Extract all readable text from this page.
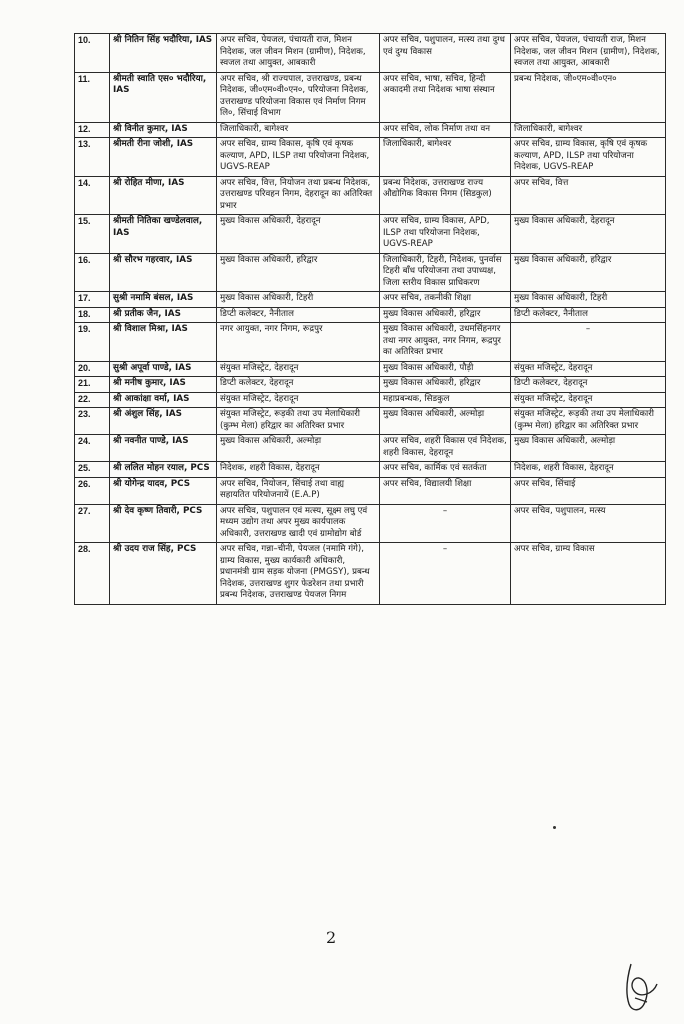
10.	श्री नितिन सिंह भदौरिया, IAS	अपर सचिव, पेयजल, पंचायती राज, मिशन निदेशक, जल जीवन मिशन (ग्रामीण), निदेशक, स्वजल तथा आयुक्त, आबकारी	अपर सचिव, पशुपालन, मत्स्य तथा दुग्ध एवं दुग्ध विकास	अपर सचिव, पेयजल, पंचायती राज, मिशन निदेशक, जल जीवन मिशन (ग्रामीण), निदेशक, स्वजल तथा आयुक्त, आबकारी
11.	श्रीमती स्वाति एस० भदौरिया, IAS	अपर सचिव, श्री राज्यपाल, उत्तराखण्ड, प्रबन्ध निदेशक, जी०एम०वी०एन०, परियोजना निदेशक, उत्तराखण्ड परियोजना विकास एवं निर्माण निगम लि०, सिंचाई विभाग	अपर सचिव, भाषा, सचिव, हिन्दी अकादमी तथा निदेशक भाषा संस्थान	प्रबन्ध निदेशक, जी०एम०वी०एन०
12.	श्री विनीत कुमार, IAS	जिलाधिकारी, बागेश्वर	अपर सचिव, लोक निर्माण तथा वन	जिलाधिकारी, बागेश्वर
13.	श्रीमती रीना जोशी, IAS	अपर सचिव, ग्राम्य विकास, कृषि एवं कृषक कल्याण, APD, ILSP तथा परियोजना निदेशक, UGVS-REAP	जिलाधिकारी, बागेश्वर	अपर सचिव, ग्राम्य विकास, कृषि एवं कृषक कल्याण, APD, ILSP तथा परियोजना निदेशक, UGVS-REAP
14.	श्री रोहित मीणा, IAS	अपर सचिव, वित्त, नियोजन तथा प्रबन्ध निदेशक, उत्तराखण्ड परिवहन निगम, देहरादून का अतिरिक्त प्रभार	प्रबन्ध निदेशक, उत्तराखण्ड राज्य औद्योगिक विकास निगम (सिडकुल)	अपर सचिव, वित्त
15.	श्रीमती नितिका खण्डेलवाल, IAS	मुख्य विकास अधिकारी, देहरादून	अपर सचिव, ग्राम्य विकास, APD, ILSP तथा परियोजना निदेशक, UGVS-REAP	मुख्य विकास अधिकारी, देहरादून
16.	श्री सौरभ गहरवार, IAS	मुख्य विकास अधिकारी, हरिद्वार	जिलाधिकारी, टिहरी, निदेशक, पुनर्वास टिहरी बाँध परियोजना तथा उपाध्यक्ष, जिला स्तरीय विकास प्राधिकरण	मुख्य विकास अधिकारी, हरिद्वार
17.	सुश्री नमामि बंसल, IAS	मुख्य विकास अधिकारी, टिहरी	अपर सचिव, तकनीकी शिक्षा	मुख्य विकास अधिकारी, टिहरी
18.	श्री प्रतीक जैन, IAS	डिप्टी कलेक्टर, नैनीताल	मुख्य विकास अधिकारी, हरिद्वार	डिप्टी कलेक्टर, नैनीताल
19.	श्री विशाल मिश्रा, IAS	नगर आयुक्त, नगर निगम, रूद्रपुर	मुख्य विकास अधिकारी, उधमसिंहनगर तथा नगर आयुक्त, नगर निगम, रूद्रपुर का अतिरिक्त प्रभार	–
20.	सुश्री अपूर्वा पाण्डे, IAS	संयुक्त मजिस्ट्रेट, देहरादून	मुख्य विकास अधिकारी, पौड़ी	संयुक्त मजिस्ट्रेट, देहरादून
21.	श्री मनीष कुमार, IAS	डिप्टी कलेक्टर, देहरादून	मुख्य विकास अधिकारी, हरिद्वार	डिप्टी कलेक्टर, देहरादून
22.	श्री आकांक्षा वर्मा, IAS	संयुक्त मजिस्ट्रेट, देहरादून	महाप्रबन्धक, सिडकुल	संयुक्त मजिस्ट्रेट, देहरादून
23.	श्री अंशुल सिंह, IAS	संयुक्त मजिस्ट्रेट, रूड़की तथा उप मेलाधिकारी (कुम्भ मेला) हरिद्वार का अतिरिक्त प्रभार	मुख्य विकास अधिकारी, अल्मोड़ा	संयुक्त मजिस्ट्रेट, रूड़की तथा उप मेलाधिकारी (कुम्भ मेला) हरिद्वार का अतिरिक्त प्रभार
24.	श्री नवनीत पाण्डे, IAS	मुख्य विकास अधिकारी, अल्मोड़ा	अपर सचिव, शहरी विकास एवं निदेशक, शहरी विकास, देहरादून	मुख्य विकास अधिकारी, अल्मोड़ा
25.	श्री ललित मोहन रयाल, PCS	निदेशक, शहरी विकास, देहरादून	अपर सचिव, कार्मिक एवं सतर्कता	निदेशक, शहरी विकास, देहरादून
26.	श्री योगेन्द्र यादव, PCS	अपर सचिव, नियोजन, सिंचाई तथा वाह्य सहायतित परियोजनायें (E.A.P)	अपर सचिव, विद्यालयी शिक्षा	अपर सचिव, सिंचाई
27.	श्री देव कृष्ण तिवारी, PCS	अपर सचिव, पशुपालन एवं मत्स्य, सूक्ष्म लघु एवं मध्यम उद्योग तथा अपर मुख्य कार्यपालक अधिकारी, उत्तराखण्ड खादी एवं ग्रामोद्योग बोर्ड	–	अपर सचिव, पशुपालन, मत्स्य
28.	श्री उदय राज सिंह, PCS	अपर सचिव, गन्ना–चीनी, पेयजल (नमामि गंगे), ग्राम्य विकास, मुख्य कार्यकारी अधिकारी, प्रधानमंत्री ग्राम सड़क योजना (PMGSY), प्रबन्ध निदेशक, उत्तराखण्ड शुगर फेडरेशन तथा प्रभारी प्रबन्ध निदेशक, उत्तराखण्ड पेयजल निगम	–	अपर सचिव, ग्राम्य विकास
2
